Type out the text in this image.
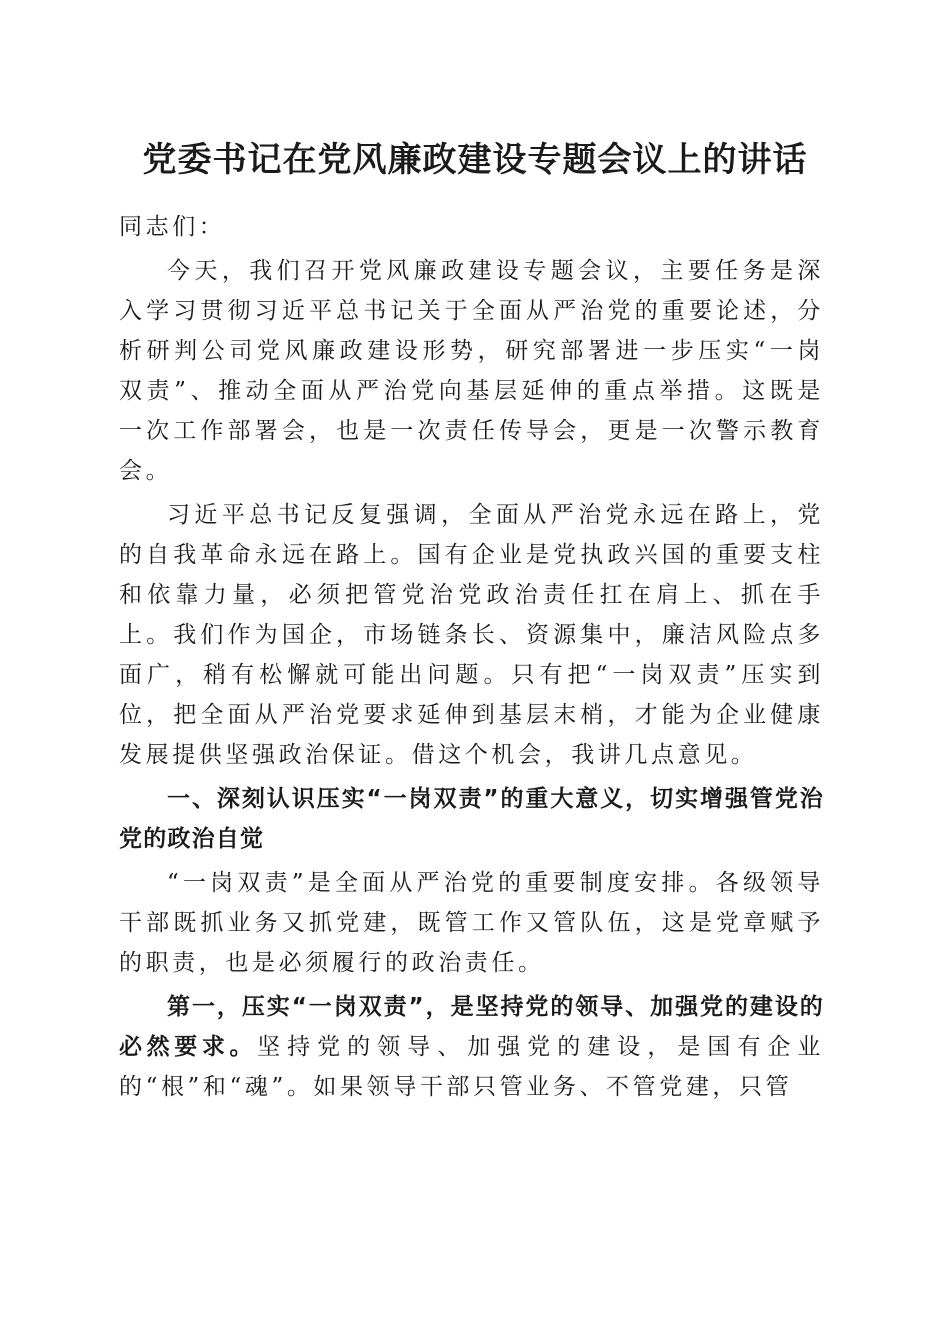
党委书记在党风廉政建设专题会议上的讲话

同志们：

今天，我们召开党风廉政建设专题会议，主要任务是深入学习贯彻习近平总书记关于全面从严治党的重要论述，分析研判公司党风廉政建设形势，研究部署进一步压实“一岗双责”、推动全面从严治党向基层延伸的重点举措。这既是一次工作部署会，也是一次责任传导会，更是一次警示教育会。

习近平总书记反复强调，全面从严治党永远在路上，党的自我革命永远在路上。国有企业是党执政兴国的重要支柱和依靠力量，必须把管党治党政治责任扛在肩上、抓在手上。我们作为国企，市场链条长、资源集中，廉洁风险点多面广，稍有松懈就可能出问题。只有把“一岗双责”压实到位，把全面从严治党要求延伸到基层末梢，才能为企业健康发展提供坚强政治保证。借这个机会，我讲几点意见。

一、深刻认识压实“一岗双责”的重大意义，切实增强管党治党的政治自觉

“一岗双责”是全面从严治党的重要制度安排。各级领导干部既抓业务又抓党建，既管工作又管队伍，这是党章赋予的职责，也是必须履行的政治责任。

第一，压实“一岗双责”，是坚持党的领导、加强党的建设的必然要求。坚持党的领导、加强党的建设，是国有企业的“根”和“魂”。如果领导干部只管业务、不管党建，只管
